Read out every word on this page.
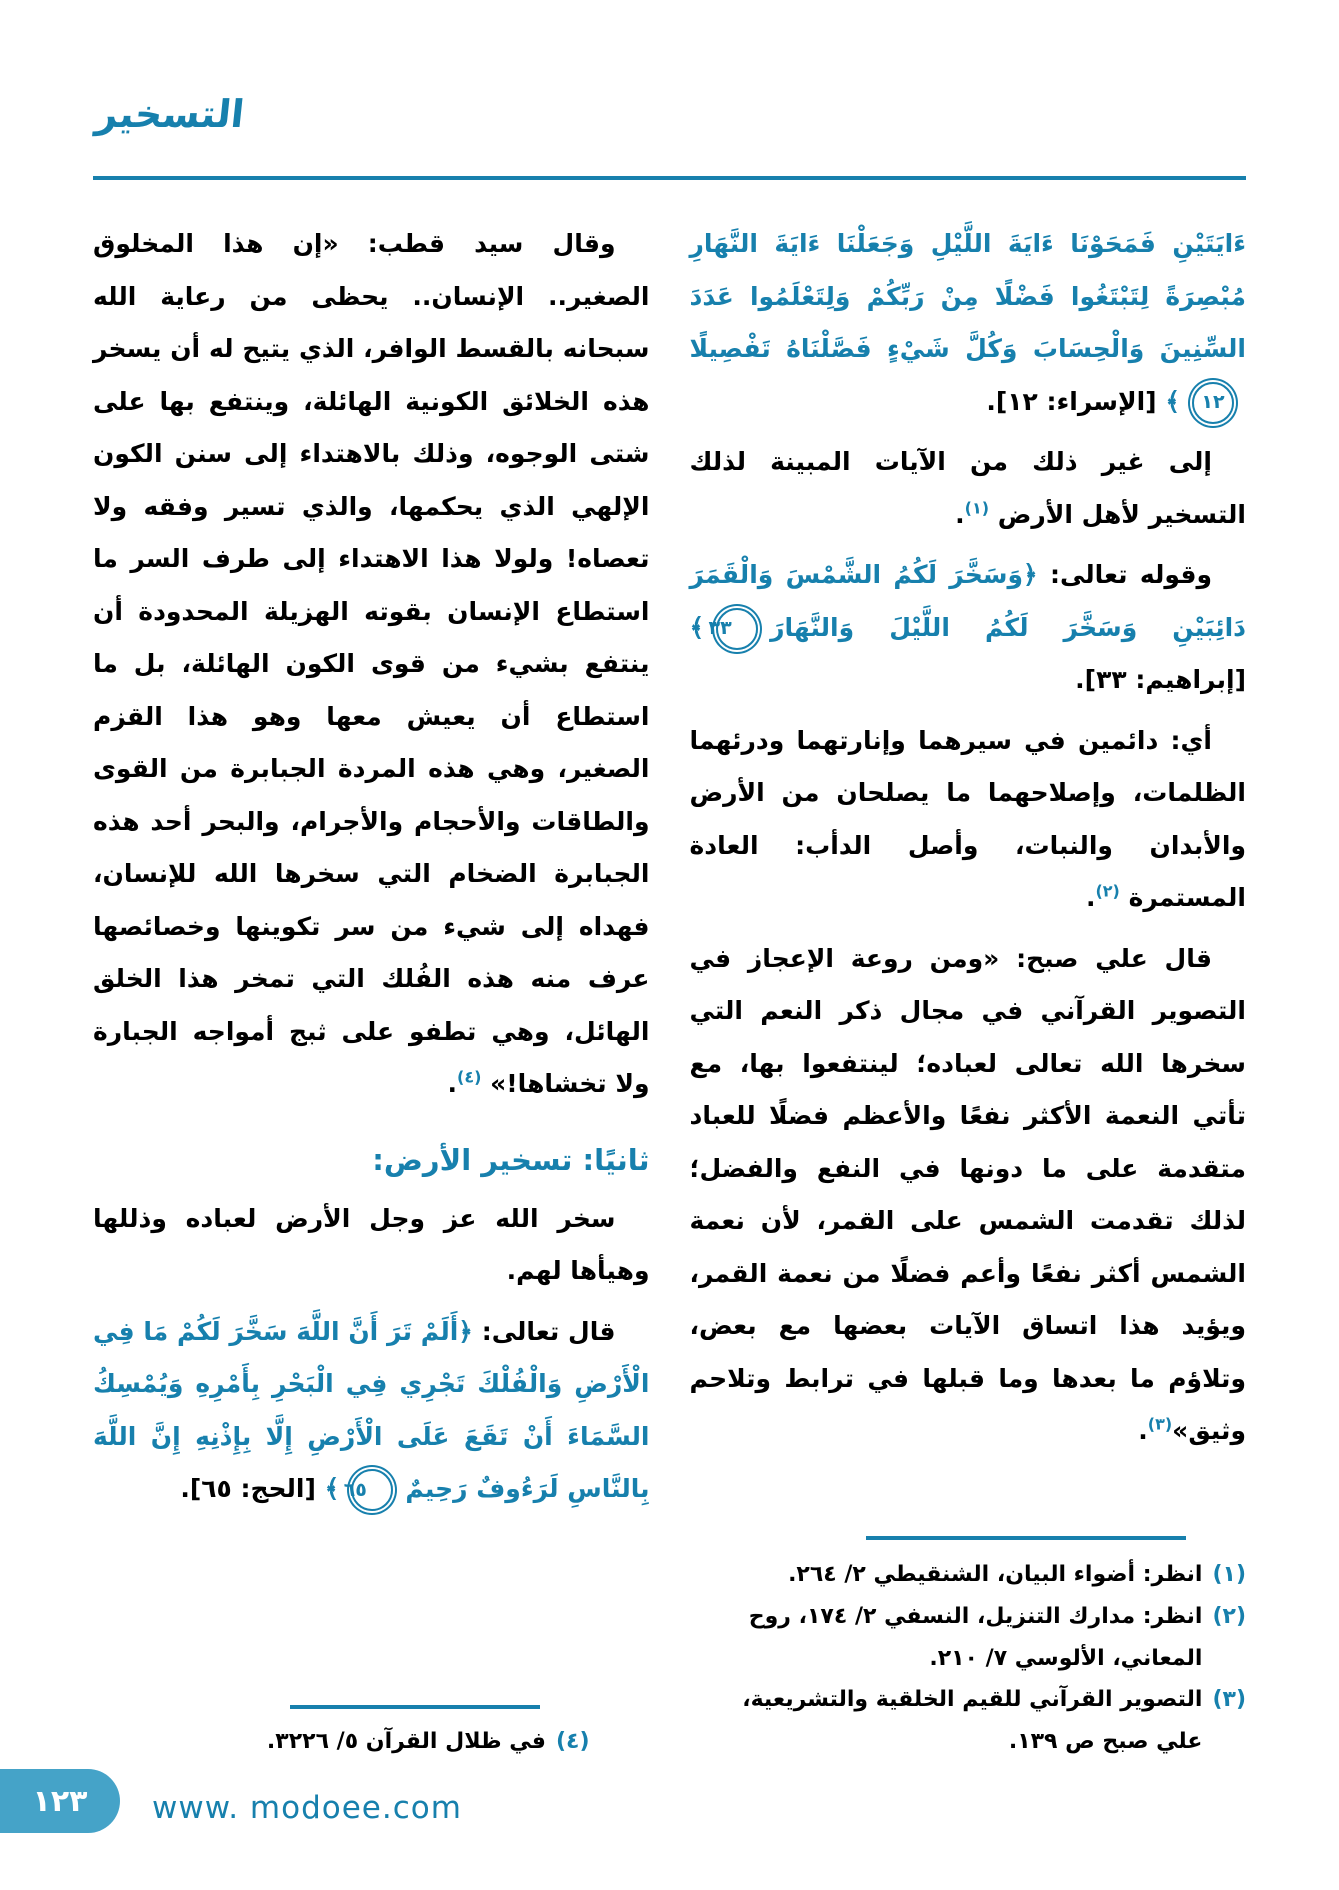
التسخير

ءَايَتَيْنِ فَمَحَوْنَا ءَايَةَ اللَّيْلِ وَجَعَلْنَا ءَايَةَ النَّهَارِ مُبْصِرَةً لِتَبْتَغُوا فَضْلًا مِنْ رَبِّكُمْ وَلِتَعْلَمُوا عَدَدَ السِّنِينَ وَالْحِسَابَ وَكُلَّ شَيْءٍ فَصَّلْنَاهُ تَفْصِيلًا١٢﴾ [الإسراء: ١٢].

إلى غير ذلك من الآيات المبينة لذلك التسخير لأهل الأرض $^{(١)}$.

وقوله تعالى: ﴿وَسَخَّرَ لَكُمُ الشَّمْسَ وَالْقَمَرَ دَائِبَيْنِ وَسَخَّرَ لَكُمُ اللَّيْلَ وَالنَّهَارَ٣٣﴾ [إبراهيم: ٣٣].

أي: دائمين في سيرهما وإنارتهما ودرئهما الظلمات، وإصلاحهما ما يصلحان من الأرض والأبدان والنبات، وأصل الدأب: العادة المستمرة $^{(٢)}$.

قال علي صبح: «ومن روعة الإعجاز في التصوير القرآني في مجال ذكر النعم التي سخرها الله تعالى لعباده؛ لينتفعوا بها، مع تأتي النعمة الأكثر نفعًا والأعظم فضلًا للعباد متقدمة على ما دونها في النفع والفضل؛ لذلك تقدمت الشمس على القمر، لأن نعمة الشمس أكثر نفعًا وأعم فضلًا من نعمة القمر، ويؤيد هذا اتساق الآيات بعضها مع بعض، وتلاؤم ما بعدها وما قبلها في ترابط وتلاحم وثيق»$^{(٣)}$.

(١)
انظر: أضواء البيان، الشنقيطي ٢/ ٢٦٤.
(٢)
انظر: مدارك التنزيل، النسفي ٢/ ١٧٤، روح المعاني، الألوسي ٧/ ٢١٠.
(٣)
التصوير القرآني للقيم الخلقية والتشريعية، علي صبح ص ١٣٩.

وقال سيد قطب: «إن هذا المخلوق الصغير.. الإنسان.. يحظى من رعاية الله سبحانه بالقسط الوافر، الذي يتيح له أن يسخر هذه الخلائق الكونية الهائلة، وينتفع بها على شتى الوجوه، وذلك بالاهتداء إلى سنن الكون الإلهي الذي يحكمها، والذي تسير وفقه ولا تعصاه! ولولا هذا الاهتداء إلى طرف السر ما استطاع الإنسان بقوته الهزيلة المحدودة أن ينتفع بشيء من قوى الكون الهائلة، بل ما استطاع أن يعيش معها وهو هذا القزم الصغير، وهي هذه المردة الجبابرة من القوى والطاقات والأحجام والأجرام، والبحر أحد هذه الجبابرة الضخام التي سخرها الله للإنسان، فهداه إلى شيء من سر تكوينها وخصائصها عرف منه هذه الفُلك التي تمخر هذا الخلق الهائل، وهي تطفو على ثبج أمواجه الجبارة ولا تخشاها!» $^{(٤)}$.

ثانيًا: تسخير الأرض:

سخر الله عز وجل الأرض لعباده وذللها وهيأها لهم.

قال تعالى: ﴿أَلَمْ تَرَ أَنَّ اللَّهَ سَخَّرَ لَكُمْ مَا فِي الْأَرْضِ وَالْفُلْكَ تَجْرِي فِي الْبَحْرِ بِأَمْرِهِ وَيُمْسِكُ السَّمَاءَ أَنْ تَقَعَ عَلَى الْأَرْضِ إِلَّا بِإِذْنِهِ إِنَّ اللَّهَ بِالنَّاسِ لَرَءُوفٌ رَحِيمٌ٦٥﴾ [الحج: ٦٥].

(٤)
في ظلال القرآن ٥/ ٣٢٢٦.
١٢٣ www. modoee.com
